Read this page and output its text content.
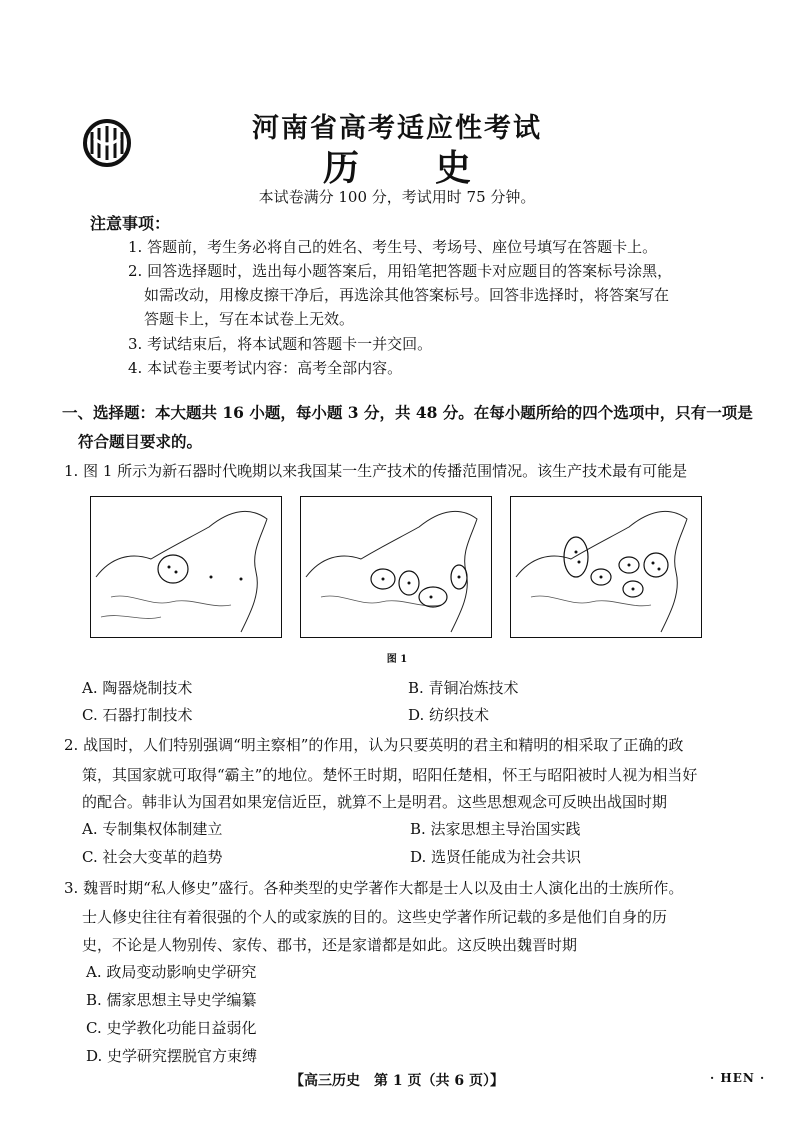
河南省高考适应性考试
历 史
本试卷满分 100 分，考试用时 75 分钟。
注意事项：
1. 答题前，考生务必将自己的姓名、考生号、考场号、座位号填写在答题卡上。
2. 回答选择题时，选出每小题答案后，用铅笔把答题卡对应题目的答案标号涂黑，
如需改动，用橡皮擦干净后，再选涂其他答案标号。回答非选择时，将答案写在
答题卡上，写在本试卷上无效。
3. 考试结束后，将本试题和答题卡一并交回。
4. 本试卷主要考试内容：高考全部内容。
一、选择题：本大题共 16 小题，每小题 3 分，共 48 分。在每小题所给的四个选项中，只有一项是
符合题目要求的。
1. 图 1 所示为新石器时代晚期以来我国某一生产技术的传播范围情况。该生产技术最有可能是
图 1
A. 陶器烧制技术	B. 青铜冶炼技术
C. 石器打制技术	D. 纺织技术
2. 战国时，人们特别强调“明主察相”的作用，认为只要英明的君主和精明的相采取了正确的政
策，其国家就可取得“霸主”的地位。楚怀王时期，昭阳任楚相，怀王与昭阳被时人视为相当好
的配合。韩非认为国君如果宠信近臣，就算不上是明君。这些思想观念可反映出战国时期
A. 专制集权体制建立	B. 法家思想主导治国实践
C. 社会大变革的趋势	D. 选贤任能成为社会共识
3. 魏晋时期“私人修史”盛行。各种类型的史学著作大都是士人以及由士人演化出的士族所作。
士人修史往往有着很强的个人的或家族的目的。这些史学著作所记载的多是他们自身的历
史，不论是人物别传、家传、郡书，还是家谱都是如此。这反映出魏晋时期
A. 政局变动影响史学研究
B. 儒家思想主导史学编纂
C. 史学教化功能日益弱化
D. 史学研究摆脱官方束缚
【高三历史　第 1 页（共 6 页）】	· HEN ·
